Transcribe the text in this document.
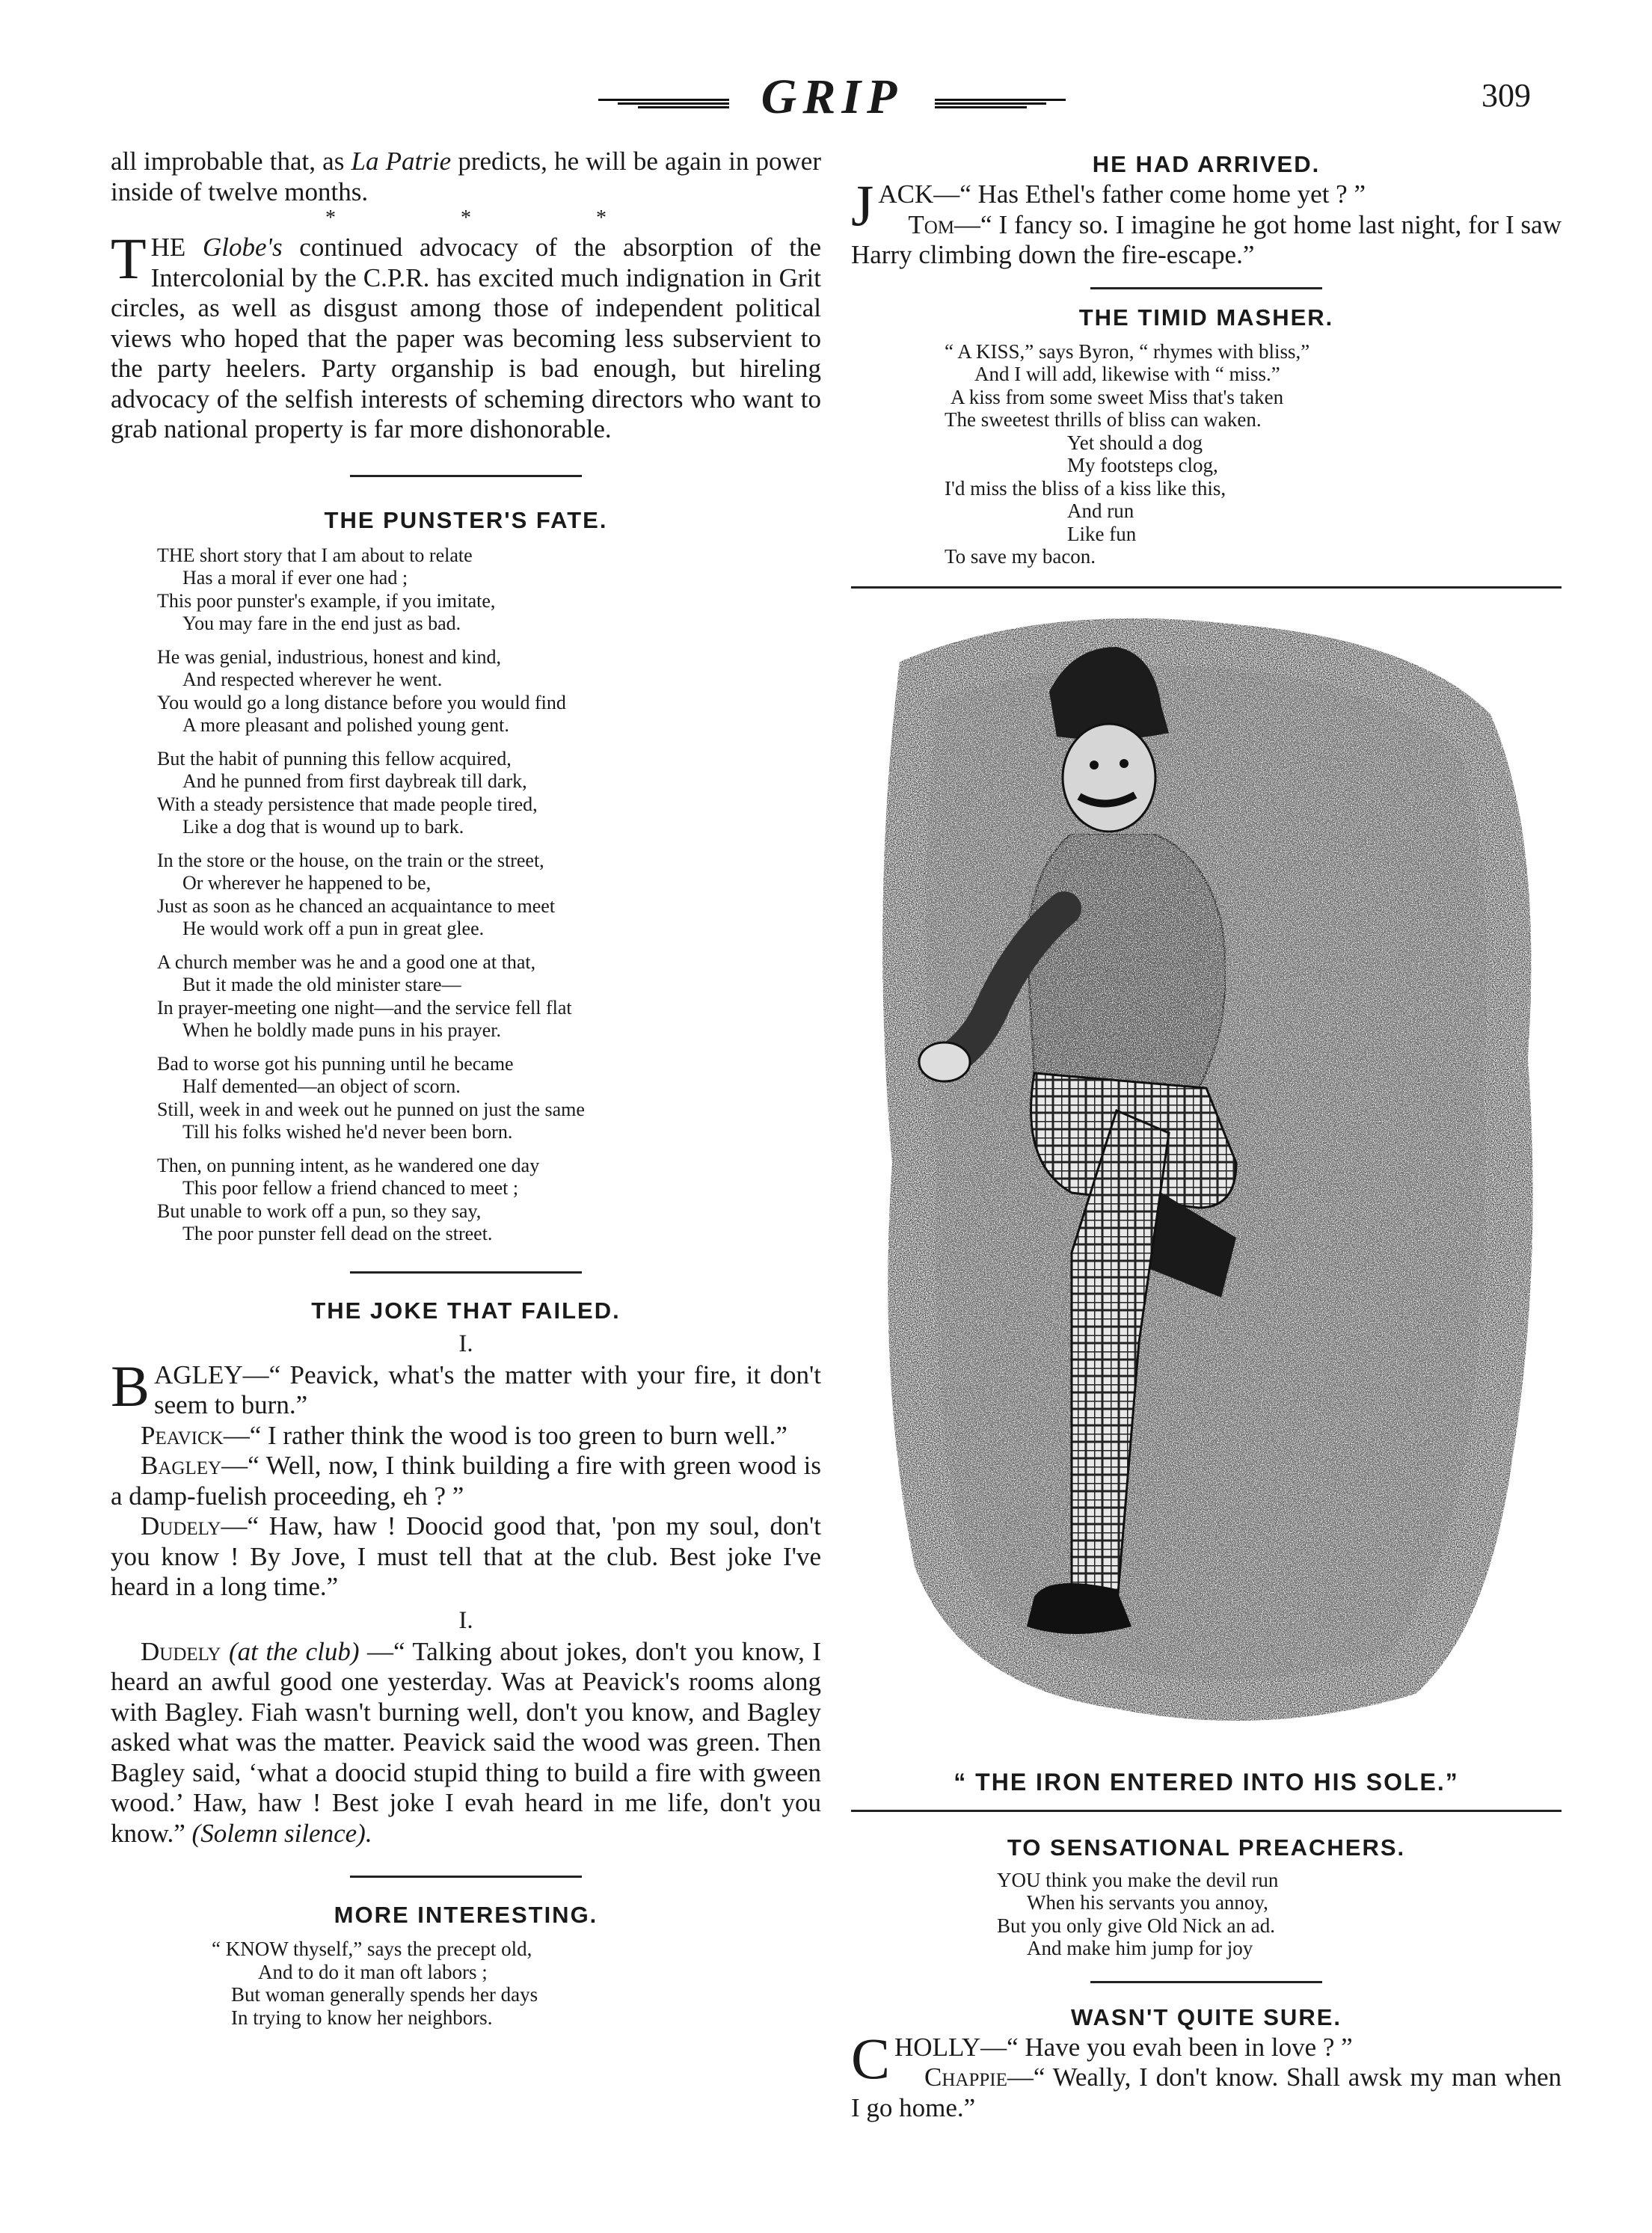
GRIP	309

all improbable that, as La Patrie predicts, he will be again in power inside of twelve months.

* * *

THE Globe's continued advocacy of the absorption of the Intercolonial by the C.P.R. has excited much indignation in Grit circles, as well as disgust among those of independent political views who hoped that the paper was becoming less subservient to the party heelers. Party organship is bad enough, but hireling advocacy of the selfish interests of scheming directors who want to grab national property is far more dishonorable.

THE PUNSTER'S FATE.
THE short story that I am about to relate
Has a moral if ever one had ;
This poor punster's example, if you imitate,
You may fare in the end just as bad.
He was genial, industrious, honest and kind,
And respected wherever he went.
You would go a long distance before you would find
A more pleasant and polished young gent.
But the habit of punning this fellow acquired,
And he punned from first daybreak till dark,
With a steady persistence that made people tired,
Like a dog that is wound up to bark.
In the store or the house, on the train or the street,
Or wherever he happened to be,
Just as soon as he chanced an acquaintance to meet
He would work off a pun in great glee.
A church member was he and a good one at that,
But it made the old minister stare—
In prayer-meeting one night—and the service fell flat
When he boldly made puns in his prayer.
Bad to worse got his punning until he became
Half demented—an object of scorn.
Still, week in and week out he punned on just the same
Till his folks wished he'd never been born.
Then, on punning intent, as he wandered one day
This poor fellow a friend chanced to meet ;
But unable to work off a pun, so they say,
The poor punster fell dead on the street.
THE JOKE THAT FAILED.
I.

BAGLEY—“ Peavick, what's the matter with your fire, it don't seem to burn.”

Peavick—“ I rather think the wood is too green to burn well.”

Bagley—“ Well, now, I think building a fire with green wood is a damp-fuelish proceeding, eh ? ”

Dudely—“ Haw, haw ! Doocid good that, 'pon my soul, don't you know ! By Jove, I must tell that at the club. Best joke I've heard in a long time.”

I.

Dudely (at the club) —“ Talking about jokes, don't you know, I heard an awful good one yesterday. Was at Peavick's rooms along with Bagley. Fiah wasn't burning well, don't you know, and Bagley asked what was the matter. Peavick said the wood was green. Then Bagley said, ‘what a doocid stupid thing to build a fire with gween wood.’ Haw, haw ! Best joke I evah heard in me life, don't you know.” (Solemn silence).

MORE INTERESTING.
“ KNOW thyself,” says the precept old,
And to do it man oft labors ;
But woman generally spends her days
In trying to know her neighbors.
HE HAD ARRIVED.

JACK—“ Has Ethel's father come home yet ? ”

Tom—“ I fancy so. I imagine he got home last night, for I saw Harry climbing down the fire-escape.”

THE TIMID MASHER.
“ A KISS,” says Byron, “ rhymes with bliss,”
And I will add, likewise with “ miss.”
A kiss from some sweet Miss that's taken
The sweetest thrills of bliss can waken.
Yet should a dog
My footsteps clog,
I'd miss the bliss of a kiss like this,
And run
Like fun
To save my bacon.
“ THE IRON ENTERED INTO HIS SOLE.”
TO SENSATIONAL PREACHERS.
YOU think you make the devil run
When his servants you annoy,
But you only give Old Nick an ad.
And make him jump for joy
WASN'T QUITE SURE.

CHOLLY—“ Have you evah been in love ? ”

Chappie—“ Weally, I don't know. Shall awsk my man when I go home.”
